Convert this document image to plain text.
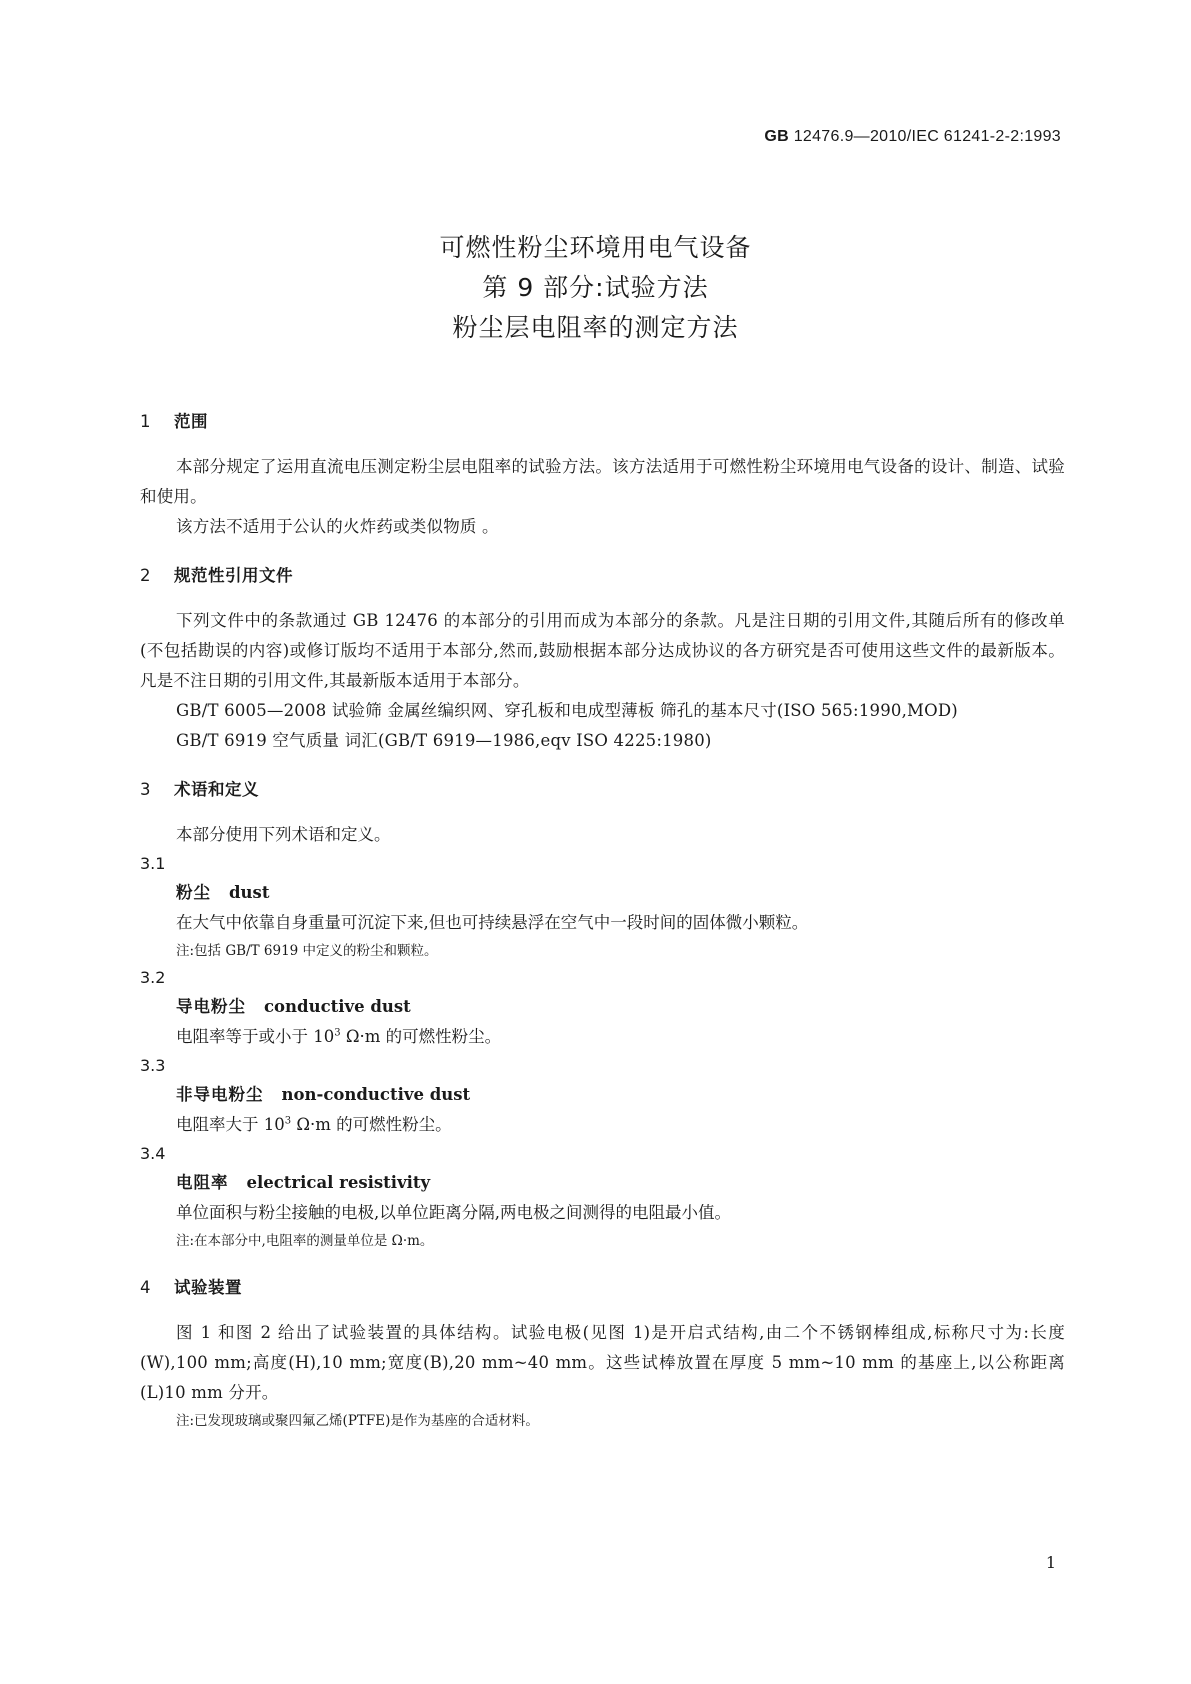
GB 12476.9—2010/IEC 61241-2-2:1993
可燃性粉尘环境用电气设备
第 9 部分:试验方法
粉尘层电阻率的测定方法
1 范围
本部分规定了运用直流电压测定粉尘层电阻率的试验方法。该方法适用于可燃性粉尘环境用电气设备的设计、制造、试验和使用。
该方法不适用于公认的火炸药或类似物质 。
2 规范性引用文件
下列文件中的条款通过 GB 12476 的本部分的引用而成为本部分的条款。凡是注日期的引用文件,其随后所有的修改单(不包括勘误的内容)或修订版均不适用于本部分,然而,鼓励根据本部分达成协议的各方研究是否可使用这些文件的最新版本。凡是不注日期的引用文件,其最新版本适用于本部分。
GB/T 6005—2008 试验筛 金属丝编织网、穿孔板和电成型薄板 筛孔的基本尺寸(ISO 565:1990,MOD)
GB/T 6919 空气质量 词汇(GB/T 6919—1986,eqv ISO 4225:1980)
3 术语和定义
本部分使用下列术语和定义。
3.1
粉尘 dust
在大气中依靠自身重量可沉淀下来,但也可持续悬浮在空气中一段时间的固体微小颗粒。
注:包括 GB/T 6919 中定义的粉尘和颗粒。
3.2
导电粉尘 conductive dust
电阻率等于或小于 $10^3$ Ω·m 的可燃性粉尘。
3.3
非导电粉尘 non-conductive dust
电阻率大于 $10^3$ Ω·m 的可燃性粉尘。
3.4
电阻率 electrical resistivity
单位面积与粉尘接触的电极,以单位距离分隔,两电极之间测得的电阻最小值。
注:在本部分中,电阻率的测量单位是 Ω·m。
4 试验装置
图 1 和图 2 给出了试验装置的具体结构。试验电极(见图 1)是开启式结构,由二个不锈钢棒组成,标称尺寸为:长度(W),100 mm;高度(H),10 mm;宽度(B),20 mm~40 mm。这些试棒放置在厚度 5 mm~10 mm 的基座上,以公称距离(L)10 mm 分开。
注:已发现玻璃或聚四氟乙烯(PTFE)是作为基座的合适材料。
1
